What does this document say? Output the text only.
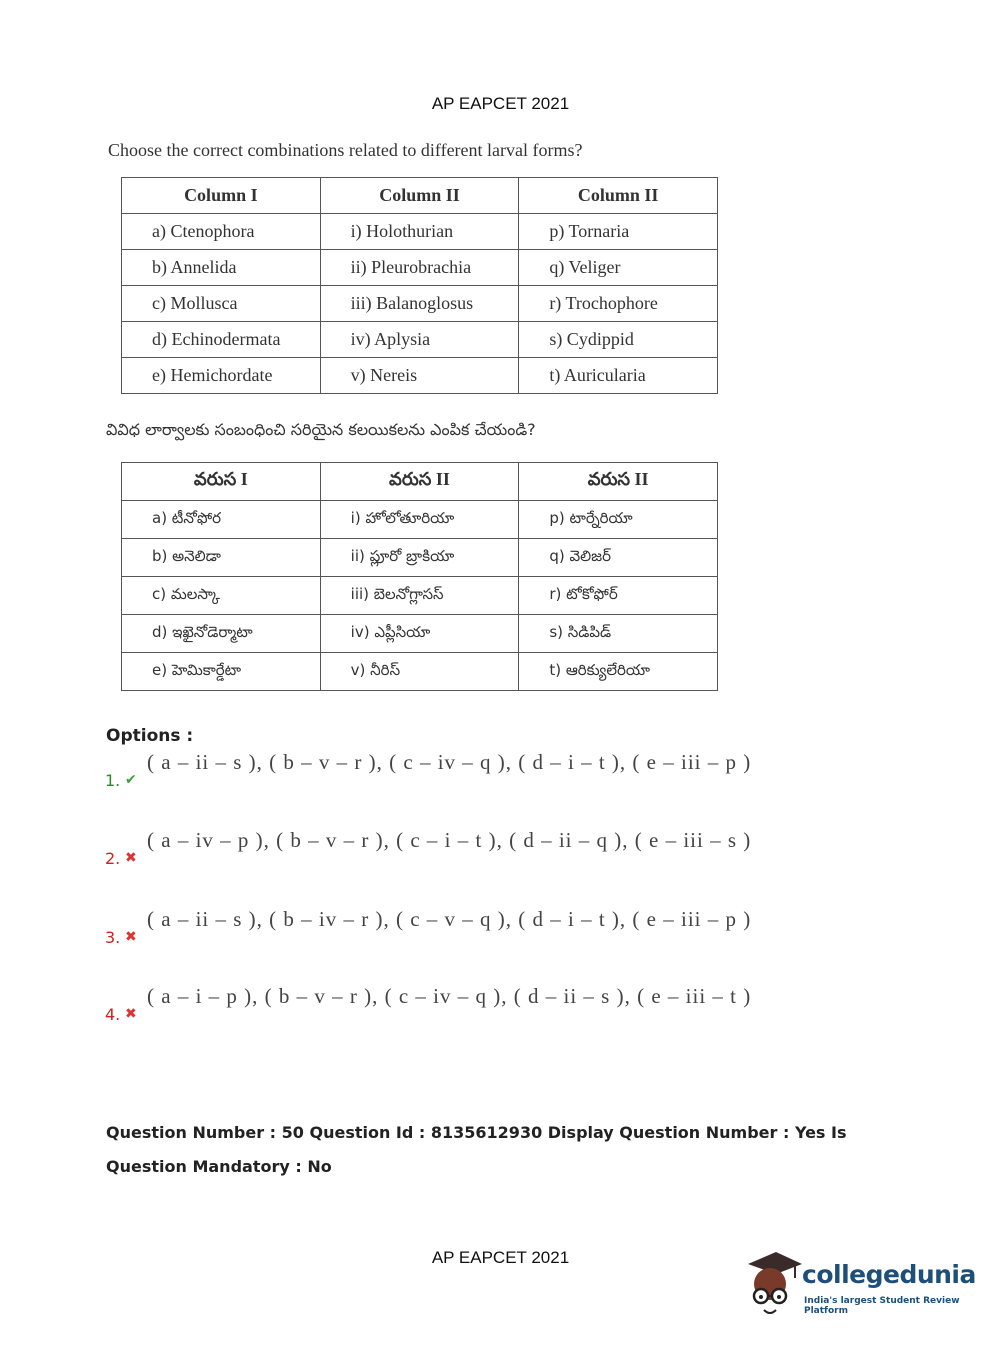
AP EAPCET 2021
Choose the correct combinations related to different larval forms?
Column I	Column II	Column II
a) Ctenophora	i) Holothurian	p) Tornaria
b) Annelida	ii) Pleurobrachia	q) Veliger
c) Mollusca	iii) Balanoglosus	r) Trochophore
d) Echinodermata	iv) Aplysia	s) Cydippid
e) Hemichordate	v) Nereis	t) Auricularia
వివిధ లార్వాలకు సంబంధించి సరియైన కలయికలను ఎంపిక చేయండి?
వరుస I	వరుస II	వరుస II
a) టీనోఫోర	i) హోలోతూరియా	p) టార్నేరియా
b) అనెలిడా	ii) ప్లూరో బ్రాకియా	q) వెలిజర్
c) మలస్కా	iii) బెలనోగ్లాసస్	r) టోకోఫోర్
d) ఇఖైనోడెర్మాటా	iv) ఎప్లీసియా	s) సిడిపిడ్
e) హెమికార్డేటా	v) నీరిస్	t) ఆరిక్యులేరియా
Options :
1. ✔
( a – ii – s ), ( b – v – r ), ( c – iv – q ), ( d – i – t ), ( e – iii – p )
2. ✖
( a – iv – p ), ( b – v – r ), ( c – i – t ), ( d – ii – q ), ( e – iii – s )
3. ✖
( a – ii – s ), ( b – iv – r ), ( c – v – q ), ( d – i – t ), ( e – iii – p )
4. ✖
( a – i – p ), ( b – v – r ), ( c – iv – q ), ( d – ii – s ), ( e – iii – t )
Question Number : 50 Question Id : 8135612930 Display Question Number : Yes Is Question Mandatory : No
AP EAPCET 2021
collegedunia
India's largest Student Review Platform
